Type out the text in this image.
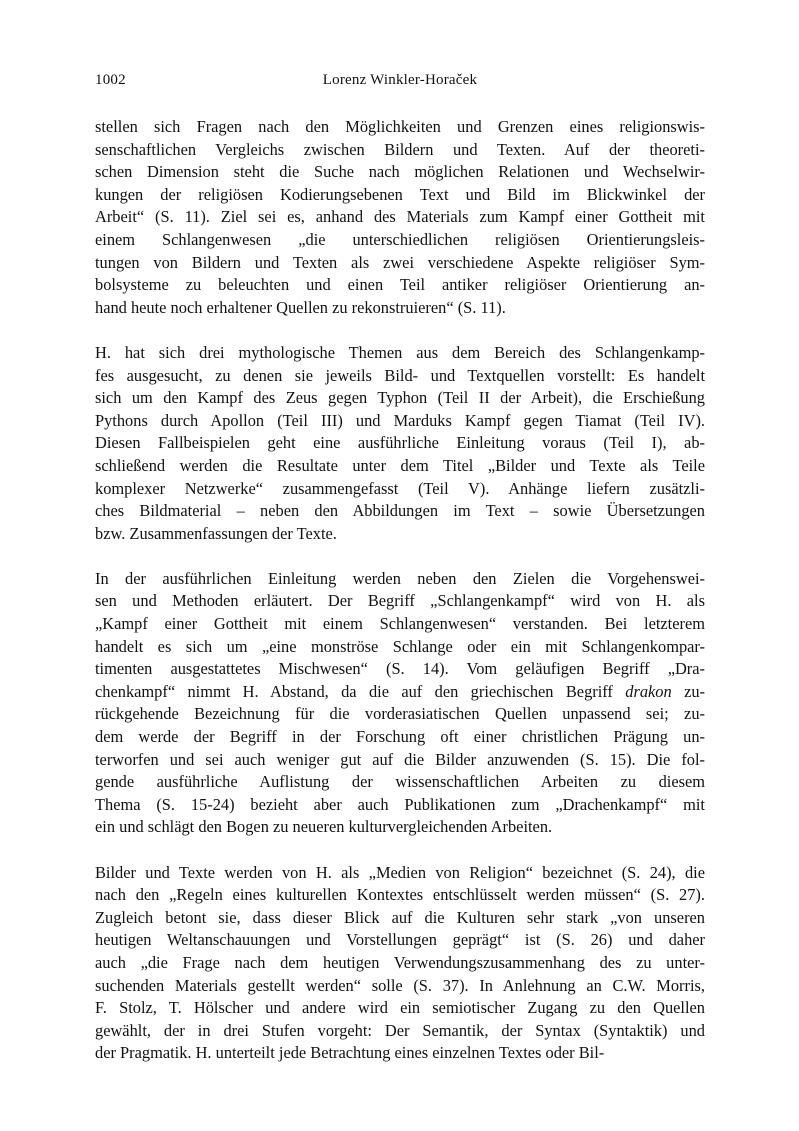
1002	Lorenz Winkler-Horaček
stellen sich Fragen nach den Möglichkeiten und Grenzen eines religionswis-
senschaftlichen Vergleichs zwischen Bildern und Texten. Auf der theoreti-
schen Dimension steht die Suche nach möglichen Relationen und Wechselwir-
kungen der religiösen Kodierungsebenen Text und Bild im Blickwinkel der
Arbeit“ (S. 11). Ziel sei es, anhand des Materials zum Kampf einer Gottheit mit
einem Schlangenwesen „die unterschiedlichen religiösen Orientierungsleis-
tungen von Bildern und Texten als zwei verschiedene Aspekte religiöser Sym-
bolsysteme zu beleuchten und einen Teil antiker religiöser Orientierung an-
hand heute noch erhaltener Quellen zu rekonstruieren“ (S. 11).
H. hat sich drei mythologische Themen aus dem Bereich des Schlangenkamp-
fes ausgesucht, zu denen sie jeweils Bild- und Textquellen vorstellt: Es handelt
sich um den Kampf des Zeus gegen Typhon (Teil II der Arbeit), die Erschießung
Pythons durch Apollon (Teil III) und Marduks Kampf gegen Tiamat (Teil IV).
Diesen Fallbeispielen geht eine ausführliche Einleitung voraus (Teil I), ab-
schließend werden die Resultate unter dem Titel „Bilder und Texte als Teile
komplexer Netzwerke“ zusammengefasst (Teil V). Anhänge liefern zusätzli-
ches Bildmaterial – neben den Abbildungen im Text – sowie Übersetzungen
bzw. Zusammenfassungen der Texte.
In der ausführlichen Einleitung werden neben den Zielen die Vorgehenswei-
sen und Methoden erläutert. Der Begriff „Schlangenkampf“ wird von H. als
„Kampf einer Gottheit mit einem Schlangenwesen“ verstanden. Bei letzterem
handelt es sich um „eine monströse Schlange oder ein mit Schlangenkompar-
timenten ausgestattetes Mischwesen“ (S. 14). Vom geläufigen Begriff „Dra-
chenkampf“ nimmt H. Abstand, da die auf den griechischen Begriff drakon zu-
rückgehende Bezeichnung für die vorderasiatischen Quellen unpassend sei; zu-
dem werde der Begriff in der Forschung oft einer christlichen Prägung un-
terworfen und sei auch weniger gut auf die Bilder anzuwenden (S. 15). Die fol-
gende ausführliche Auflistung der wissenschaftlichen Arbeiten zu diesem
Thema (S. 15-24) bezieht aber auch Publikationen zum „Drachenkampf“ mit
ein und schlägt den Bogen zu neueren kulturvergleichenden Arbeiten.
Bilder und Texte werden von H. als „Medien von Religion“ bezeichnet (S. 24), die
nach den „Regeln eines kulturellen Kontextes entschlüsselt werden müssen“ (S. 27).
Zugleich betont sie, dass dieser Blick auf die Kulturen sehr stark „von unseren
heutigen Weltanschauungen und Vorstellungen geprägt“ ist (S. 26) und daher
auch „die Frage nach dem heutigen Verwendungszusammenhang des zu unter-
suchenden Materials gestellt werden“ solle (S. 37). In Anlehnung an C.W. Morris,
F. Stolz, T. Hölscher und andere wird ein semiotischer Zugang zu den Quellen
gewählt, der in drei Stufen vorgeht: Der Semantik, der Syntax (Syntaktik) und
der Pragmatik. H. unterteilt jede Betrachtung eines einzelnen Textes oder Bil-
